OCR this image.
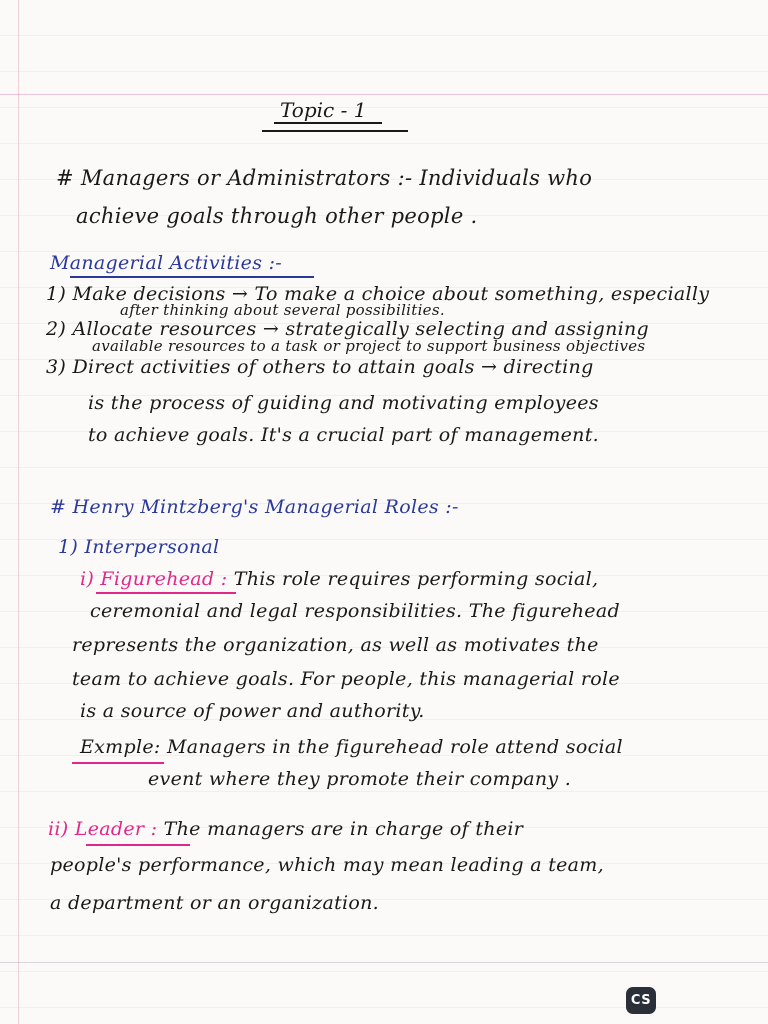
Topic - 1
# Managers or Administrators :- Individuals who
achieve goals through other people .
Managerial Activities :-
1) Make decisions → To make a choice about something, especially
after thinking about several possibilities.
2) Allocate resources → strategically selecting and assigning
available resources to a task or project to support business objectives
3) Direct activities of others to attain goals → directing
is the process of guiding and motivating employees
to achieve goals. It's a crucial part of management.
# Henry Mintzberg's Managerial Roles :-
1) Interpersonal
i) Figurehead : This role requires performing social,
ceremonial and legal responsibilities. The figurehead
represents the organization, as well as motivates the
team to achieve goals. For people, this managerial role
is a source of power and authority.
Exmple: Managers in the figurehead role attend social
event where they promote their company .
ii) Leader : The managers are in charge of their
people's performance, which may mean leading a team,
a department or an organization.
CS
